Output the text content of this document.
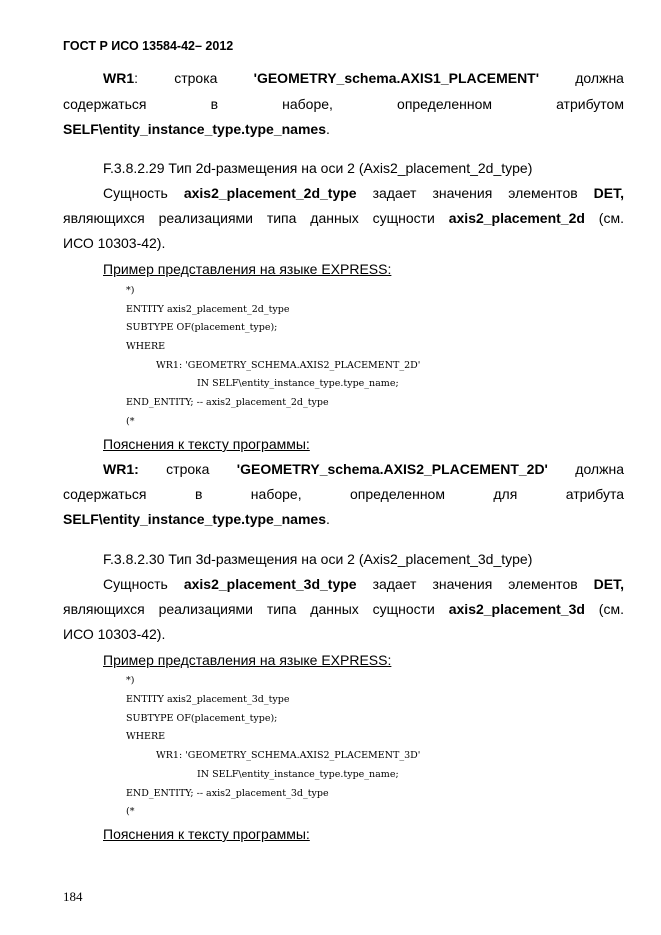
ГОСТ Р ИСО 13584-42– 2012
WR1:	строка	'GEOMETRY_schema.AXIS1_PLACEMENT'	должна
содержаться	в	наборе,	определенном	атрибутом
SELF\entity_instance_type.type_names.
F.3.8.2.29 Тип 2d-размещения на оси 2 (Axis2_placement_2d_type)
Сущность axis2_placement_2d_type задает значения элементов DET,
являющихся реализациями типа данных сущности axis2_placement_2d (см.
ИСО 10303-42).
Пример представления на языке EXPRESS:
*)
ENTITY axis2_placement_2d_type
SUBTYPE OF(placement_type);
WHERE
WR1: 'GEOMETRY_SCHEMA.AXIS2_PLACEMENT_2D'
IN SELF\entity_instance_type.type_name;
END_ENTITY; -- axis2_placement_2d_type
(*
Пояснения к тексту программы:
WR1: строка 'GEOMETRY_schema.AXIS2_PLACEMENT_2D' должна
содержаться	в	наборе,	определенном	для	атрибута
SELF\entity_instance_type.type_names.
F.3.8.2.30 Тип 3d-размещения на оси 2 (Axis2_placement_3d_type)
Сущность axis2_placement_3d_type задает значения элементов DET,
являющихся реализациями типа данных сущности axis2_placement_3d (см.
ИСО 10303-42).
Пример представления на языке EXPRESS:
*)
ENTITY axis2_placement_3d_type
SUBTYPE OF(placement_type);
WHERE
WR1: 'GEOMETRY_SCHEMA.AXIS2_PLACEMENT_3D'
IN SELF\entity_instance_type.type_name;
END_ENTITY; -- axis2_placement_3d_type
(*
Пояснения к тексту программы:
184
